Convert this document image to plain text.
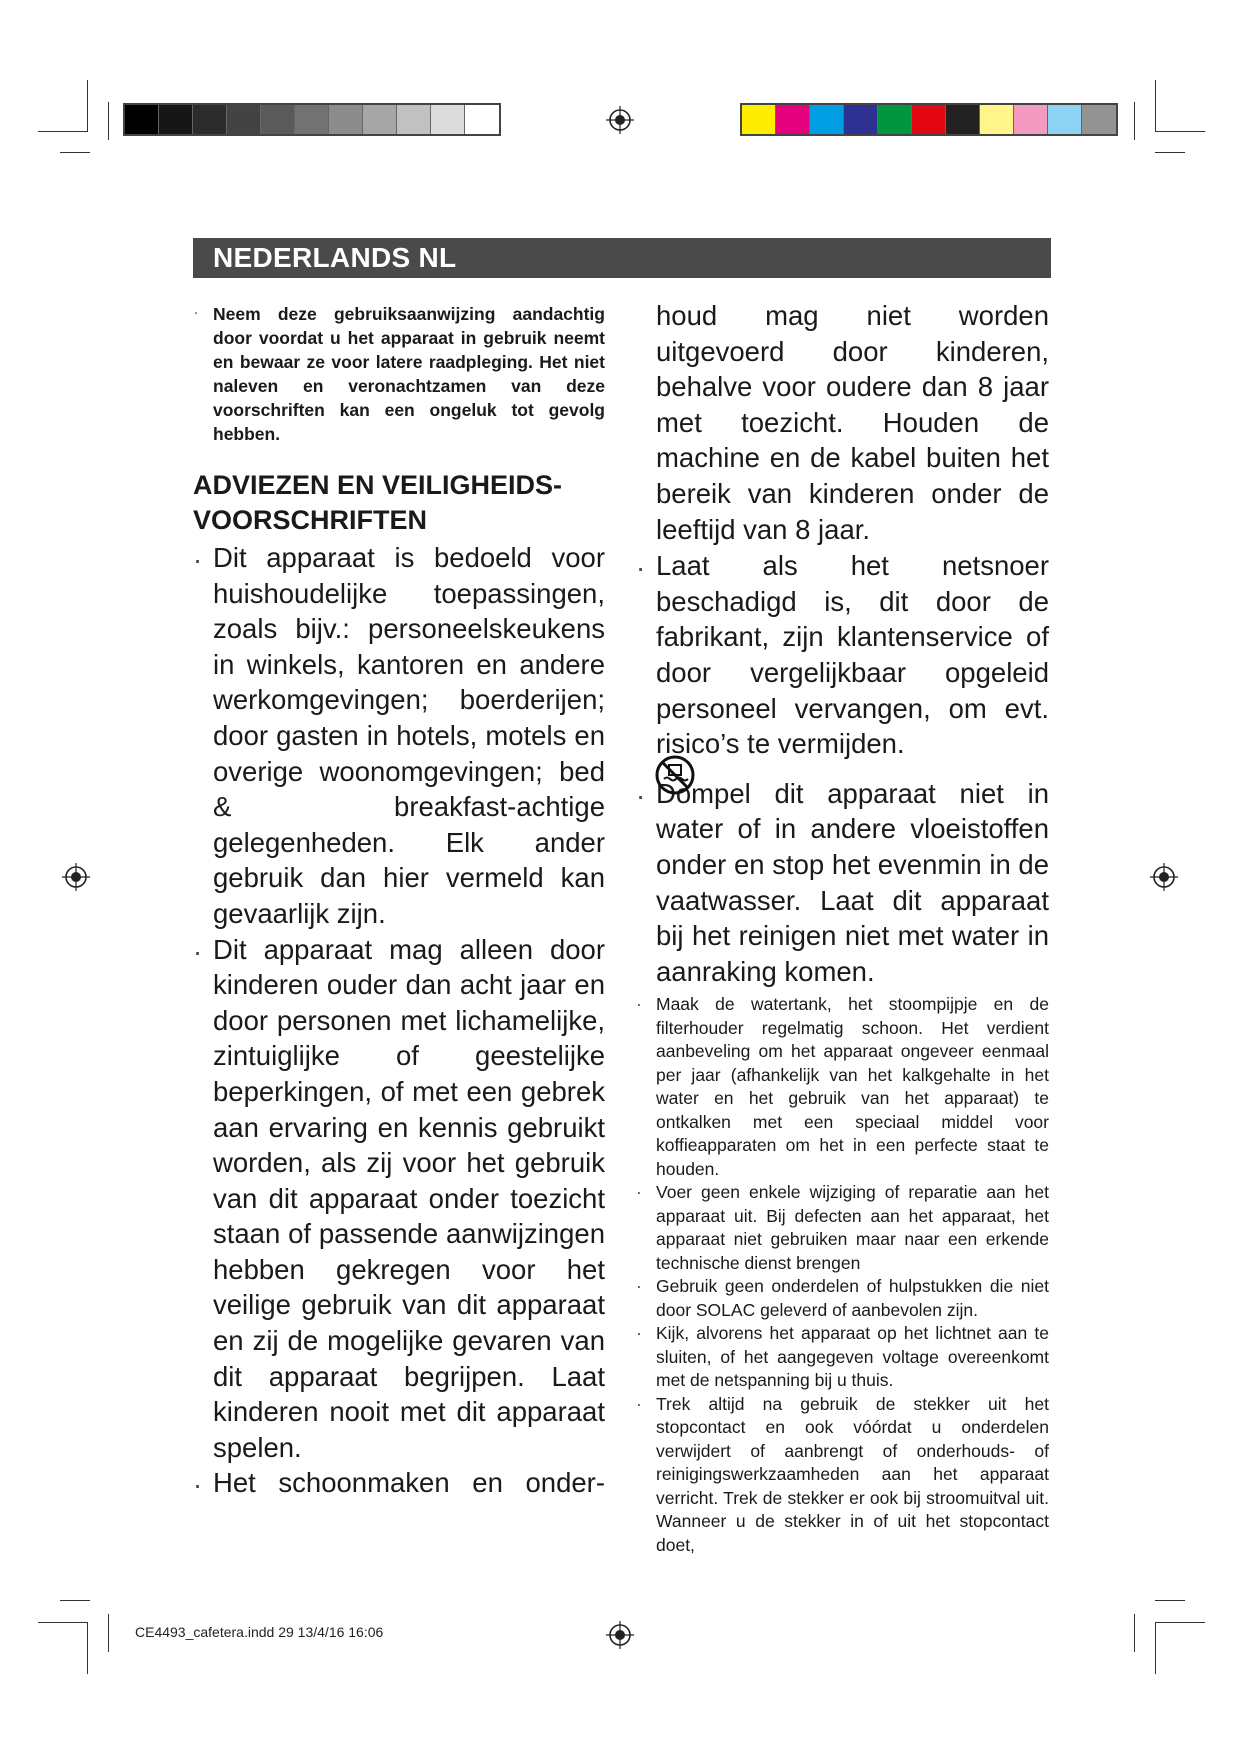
NEDERLANDS NL
· Neem deze gebruiksaanwijzing aandachtig door voordat u het apparaat in gebruik neemt en bewaar ze voor latere raadpleging. Het niet naleven en veronachtzamen van deze voorschriften kan een ongeluk tot gevolg hebben.
ADVIEZEN EN VEILIGHEIDS-
VOORSCHRIFTEN
· Dit apparaat is bedoeld voor huishoudelijke toepassingen, zoals bijv.: personeelskeukens in winkels, kantoren en andere werkomgevingen; boerderijen; door gasten in hotels, motels en overige woonomgevingen; bed & breakfast-achtige gelegenheden. Elk ander gebruik dan hier vermeld kan gevaarlijk zijn.
· Dit apparaat mag alleen door kinderen ouder dan acht jaar en door personen met lichamelijke, zintuiglijke of geestelijke beperkingen, of met een gebrek aan ervaring en kennis gebruikt worden, als zij voor het gebruik van dit apparaat onder toezicht staan of passende aanwijzingen hebben gekregen voor het veilige gebruik van dit apparaat en zij de mogelijke gevaren van dit apparaat begrijpen. Laat kinderen nooit met dit apparaat spelen.
· Het schoonmaken en onder-
houd mag niet worden uitgevoerd door kinderen, behalve voor oudere dan 8 jaar met toezicht. Houden de machine en de kabel buiten het bereik van kinderen onder de leeftijd van 8 jaar.
· Laat als het netsnoer beschadigd is, dit door de fabrikant, zijn klantenservice of door vergelijkbaar opgeleid personeel vervangen, om evt. risico’s te vermijden.
· Dompel dit apparaat niet in water of in andere vloeistoffen onder en stop het evenmin in de vaatwasser. Laat dit apparaat bij het reinigen niet met water in aanraking komen.
· Maak de watertank, het stoompijpje en de filterhouder regelmatig schoon. Het verdient aanbeveling om het apparaat ongeveer eenmaal per jaar (afhankelijk van het kalkgehalte in het water en het gebruik van het apparaat) te ontkalken met een speciaal middel voor koffieapparaten om het in een perfecte staat te houden.
· Voer geen enkele wijziging of reparatie aan het apparaat uit. Bij defecten aan het apparaat, het apparaat niet gebruiken maar naar een erkende technische dienst brengen
· Gebruik geen onderdelen of hulpstukken die niet door SOLAC geleverd of aanbevolen zijn.
· Kijk, alvorens het apparaat op het lichtnet aan te sluiten, of het aangegeven voltage overeenkomt met de netspanning bij u thuis.
· Trek altijd na gebruik de stekker uit het stopcontact en ook vóórdat u onderdelen verwijdert of aanbrengt of onderhouds- of reinigingswerkzaamheden aan het apparaat verricht. Trek de stekker er ook bij stroomuitval uit. Wanneer u de stekker in of uit het stopcontact doet,
CE4493_cafetera.indd 29 13/4/16 16:06
